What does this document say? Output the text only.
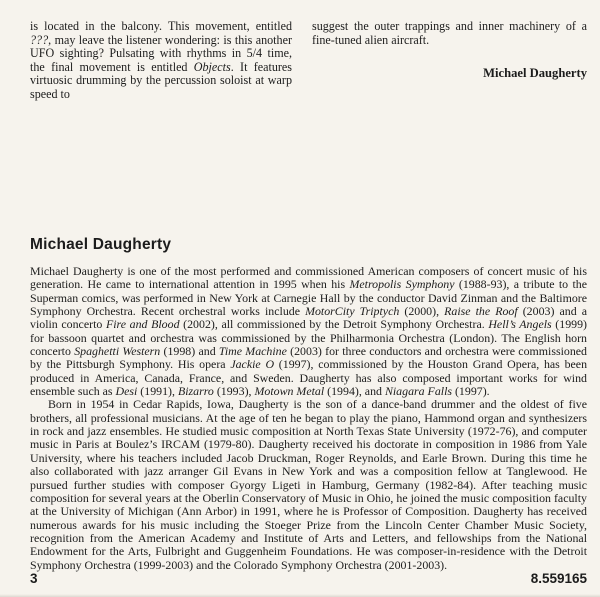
is located in the balcony. This movement, entitled ???, may leave the listener wondering: is this another UFO sighting? Pulsating with rhythms in 5/4 time, the final movement is entitled Objects. It features virtuosic drumming by the percussion soloist at warp speed to

suggest the outer trappings and inner machinery of a fine-tuned alien aircraft.

Michael Daugherty

Michael Daugherty

Michael Daugherty is one of the most performed and commissioned American composers of concert music of his generation. He came to international attention in 1995 when his Metropolis Symphony (1988-93), a tribute to the Superman comics, was performed in New York at Carnegie Hall by the conductor David Zinman and the Baltimore Symphony Orchestra. Recent orchestral works include MotorCity Triptych (2000), Raise the Roof (2003) and a violin concerto Fire and Blood (2002), all commissioned by the Detroit Symphony Orchestra. Hell’s Angels (1999) for bassoon quartet and orchestra was commissioned by the Philharmonia Orchestra (London). The English horn concerto Spaghetti Western (1998) and Time Machine (2003) for three conductors and orchestra were commissioned by the Pittsburgh Symphony. His opera Jackie O (1997), commissioned by the Houston Grand Opera, has been produced in America, Canada, France, and Sweden. Daugherty has also composed important works for wind ensemble such as Desi (1991), Bizarro (1993), Motown Metal (1994), and Niagara Falls (1997).

Born in 1954 in Cedar Rapids, Iowa, Daugherty is the son of a dance-band drummer and the oldest of five brothers, all professional musicians. At the age of ten he began to play the piano, Hammond organ and synthesizers in rock and jazz ensembles. He studied music composition at North Texas State University (1972-76), and computer music in Paris at Boulez’s IRCAM (1979-80). Daugherty received his doctorate in composition in 1986 from Yale University, where his teachers included Jacob Druckman, Roger Reynolds, and Earle Brown. During this time he also collaborated with jazz arranger Gil Evans in New York and was a composition fellow at Tanglewood. He pursued further studies with composer Gyorgy Ligeti in Hamburg, Germany (1982-84). After teaching music composition for several years at the Oberlin Conservatory of Music in Ohio, he joined the music composition faculty at the University of Michigan (Ann Arbor) in 1991, where he is Professor of Composition. Daugherty has received numerous awards for his music including the Stoeger Prize from the Lincoln Center Chamber Music Society, recognition from the American Academy and Institute of Arts and Letters, and fellowships from the National Endowment for the Arts, Fulbright and Guggenheim Foundations. He was composer-in-residence with the Detroit Symphony Orchestra (1999-2003) and the Colorado Symphony Orchestra (2001-2003).

3	8.559165
